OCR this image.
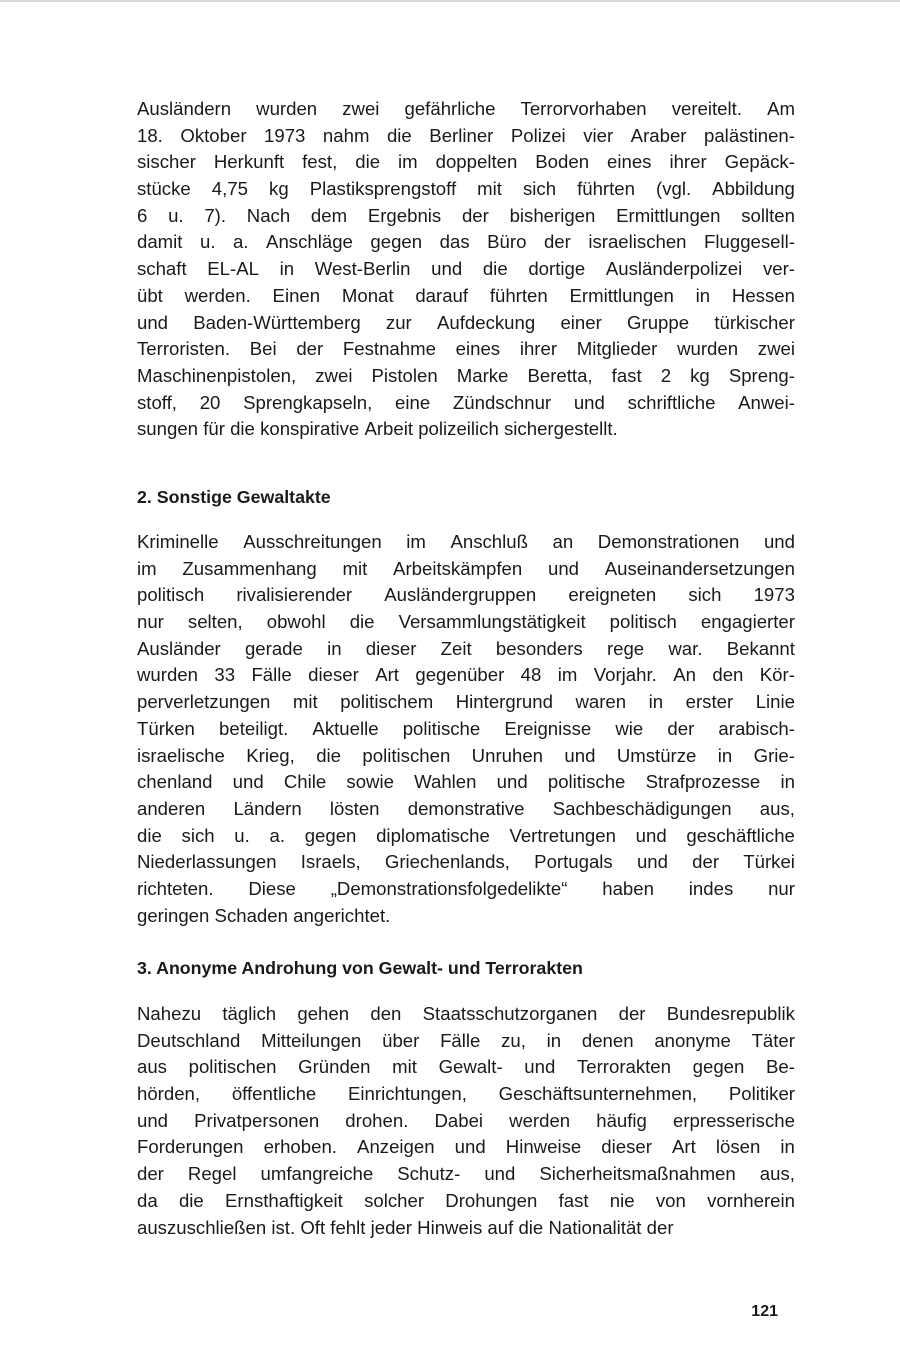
Ausländern wurden zwei gefährliche Terrorvorhaben vereitelt. Am
18. Oktober 1973 nahm die Berliner Polizei vier Araber palästinen-
sischer Herkunft fest, die im doppelten Boden eines ihrer Gepäck-
stücke 4,75 kg Plastiksprengstoff mit sich führten (vgl. Abbildung
6 u. 7). Nach dem Ergebnis der bisherigen Ermittlungen sollten
damit u. a. Anschläge gegen das Büro der israelischen Fluggesell-
schaft EL-AL in West-Berlin und die dortige Ausländerpolizei ver-
übt werden. Einen Monat darauf führten Ermittlungen in Hessen
und Baden-Württemberg zur Aufdeckung einer Gruppe türkischer
Terroristen. Bei der Festnahme eines ihrer Mitglieder wurden zwei
Maschinenpistolen, zwei Pistolen Marke Beretta, fast 2 kg Spreng-
stoff, 20 Sprengkapseln, eine Zündschnur und schriftliche Anwei-
sungen
für
die
konspirative
Arbeit
polizeilich
sichergestellt.
2. Sonstige Gewaltakte
Kriminelle Ausschreitungen im Anschluß an Demonstrationen und
im Zusammenhang mit Arbeitskämpfen und Auseinandersetzungen
politisch rivalisierender Ausländergruppen ereigneten sich 1973
nur selten, obwohl die Versammlungstätigkeit politisch engagierter
Ausländer gerade in dieser Zeit besonders rege war. Bekannt
wurden 33 Fälle dieser Art gegenüber 48 im Vorjahr. An den Kör-
perverletzungen mit politischem Hintergrund waren in erster Linie
Türken beteiligt. Aktuelle politische Ereignisse wie der arabisch-
israelische Krieg, die politischen Unruhen und Umstürze in Grie-
chenland und Chile sowie Wahlen und politische Strafprozesse in
anderen Ländern lösten demonstrative Sachbeschädigungen aus,
die sich u. a. gegen diplomatische Vertretungen und geschäftliche
Niederlassungen Israels, Griechenlands, Portugals und der Türkei
richteten. Diese „Demonstrationsfolgedelikte“ haben indes nur
geringen
Schaden
angerichtet.
3. Anonyme Androhung von Gewalt- und Terrorakten
Nahezu täglich gehen den Staatsschutzorganen der Bundesrepublik
Deutschland Mitteilungen über Fälle zu, in denen anonyme Täter
aus politischen Gründen mit Gewalt- und Terrorakten gegen Be-
hörden, öffentliche Einrichtungen, Geschäftsunternehmen, Politiker
und Privatpersonen drohen. Dabei werden häufig erpresserische
Forderungen erhoben. Anzeigen und Hinweise dieser Art lösen in
der Regel umfangreiche Schutz- und Sicherheitsmaßnahmen aus,
da die Ernsthaftigkeit solcher Drohungen fast nie von vornherein
auszuschließen
ist.
Oft
fehlt
jeder
Hinweis
auf
die
Nationalität
der
121
